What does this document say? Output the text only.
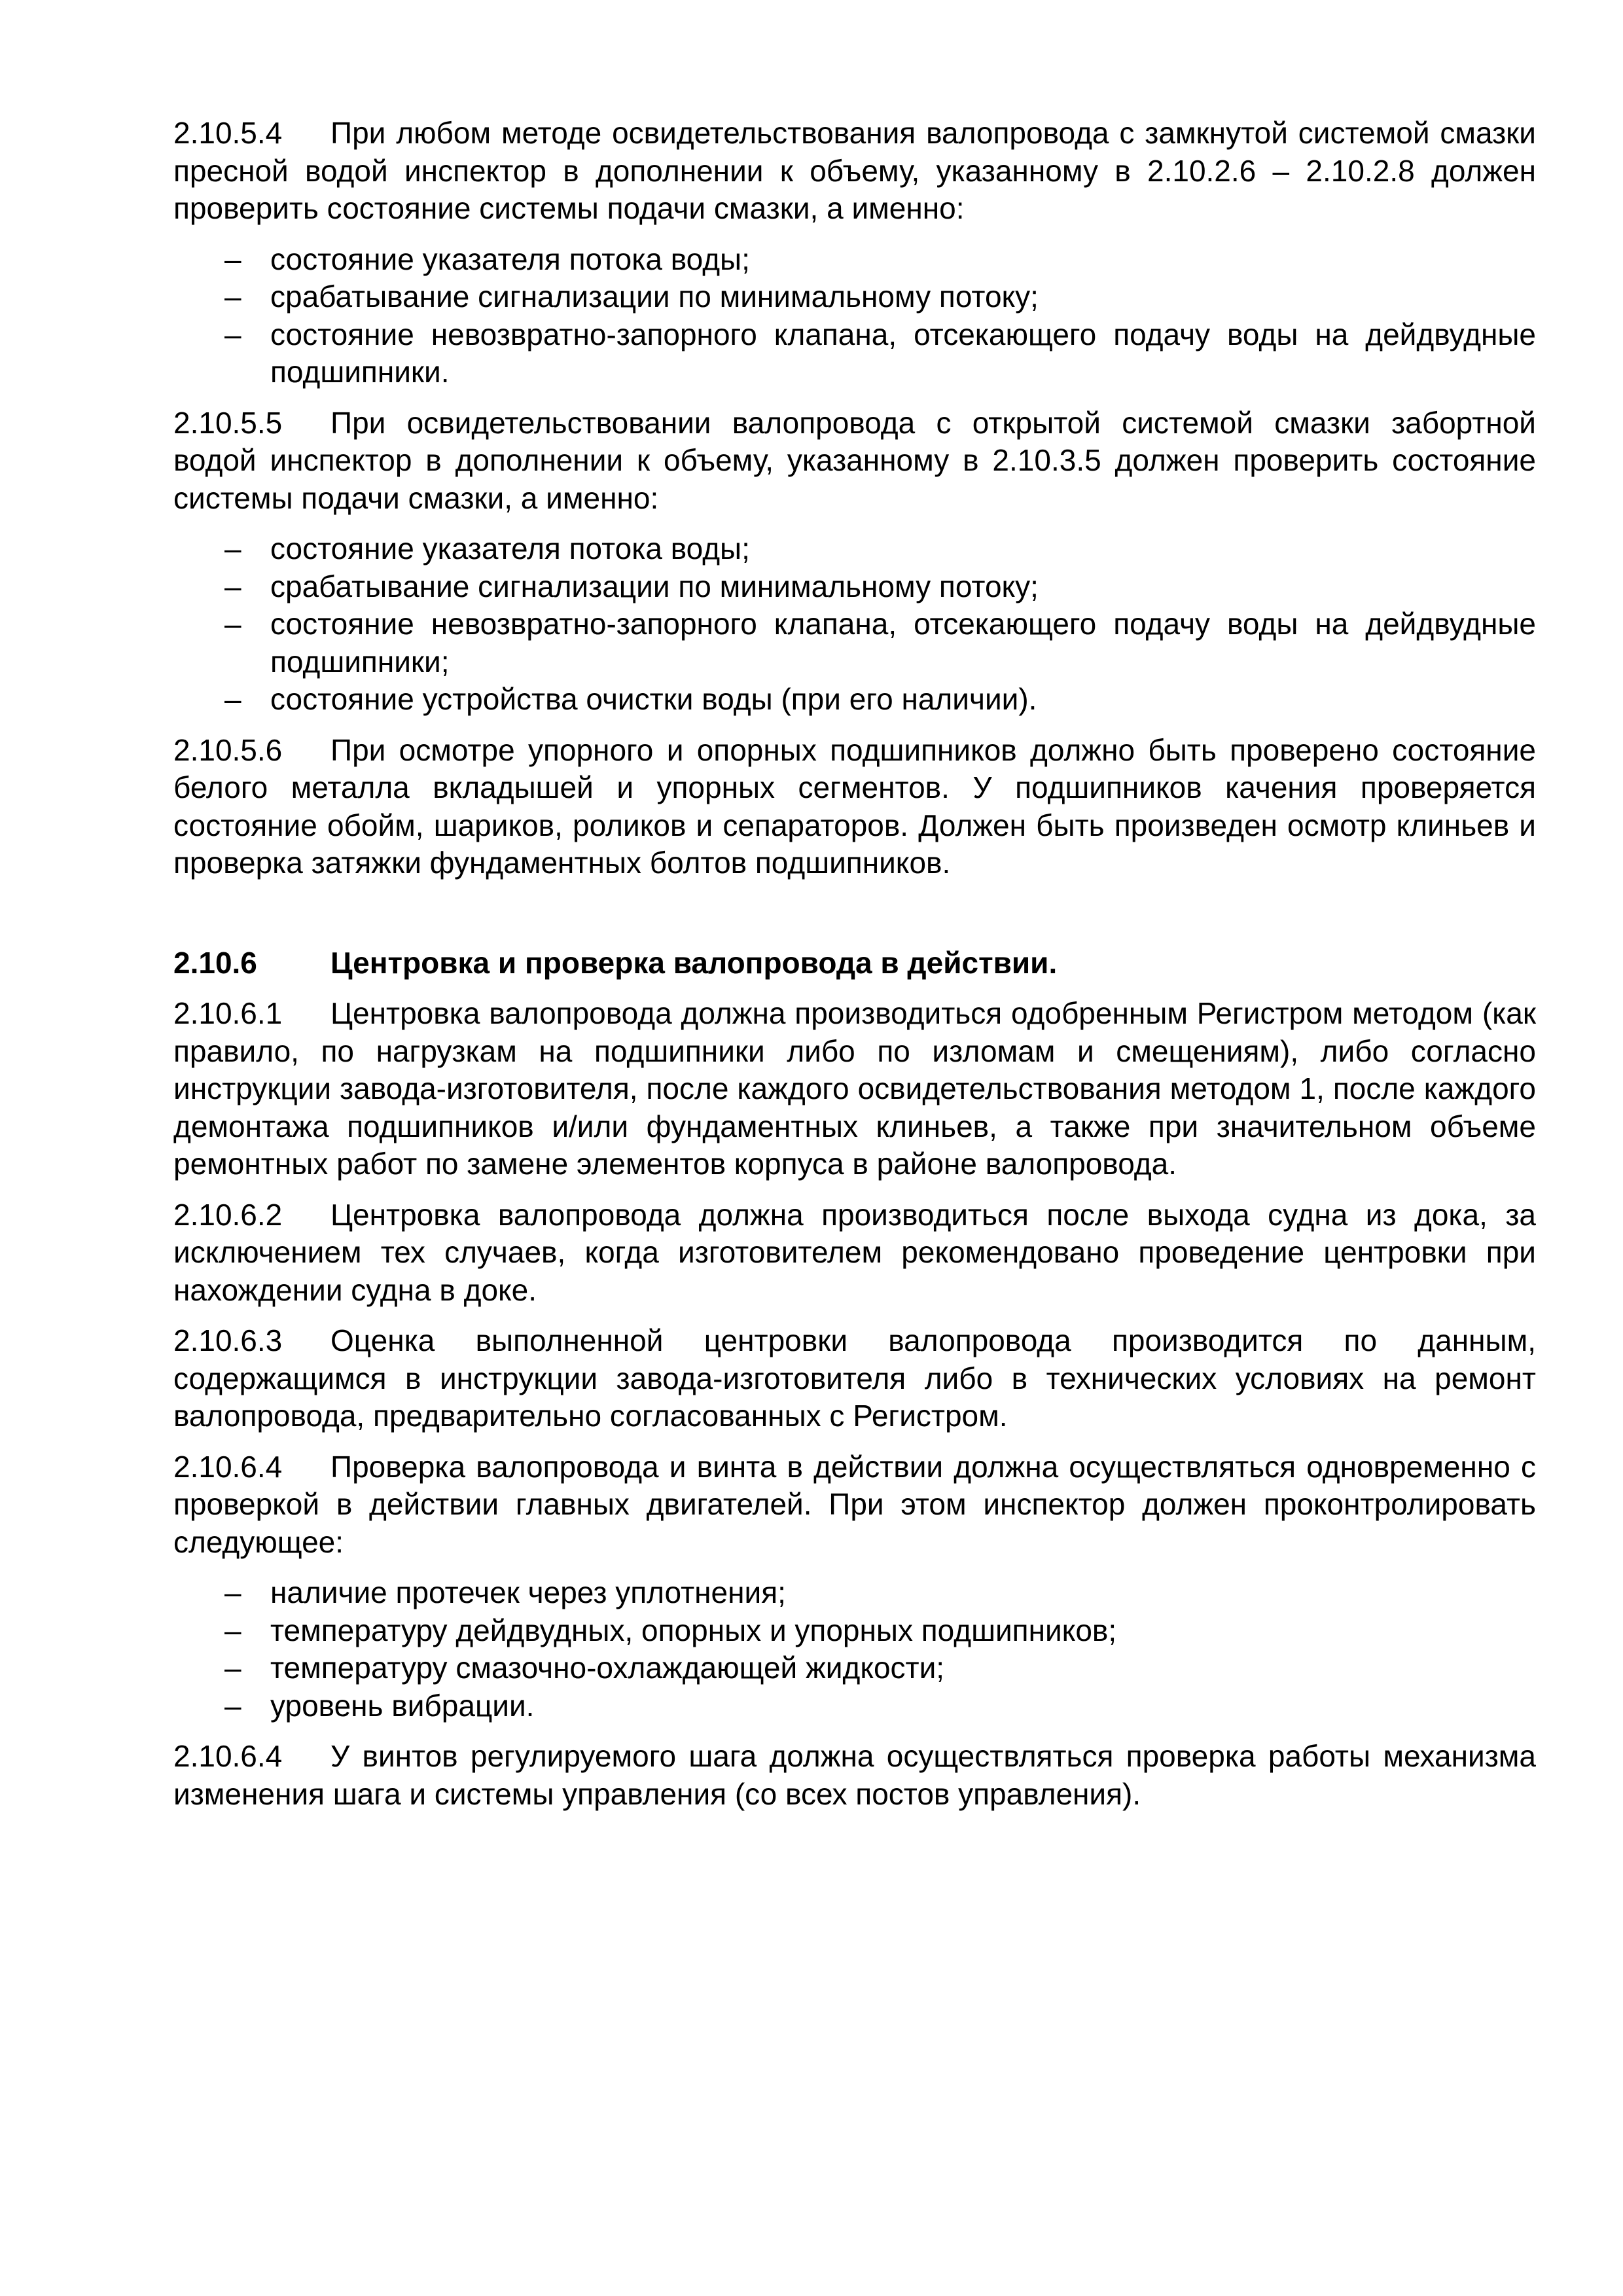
2.10.5.4 При любом методе освидетельствования валопровода с замкнутой системой смазки пресной водой инспектор в дополнении к объему, указанному в 2.10.2.6 – 2.10.2.8 должен проверить состояние системы подачи смазки, а именно:

– состояние указателя потока воды;
– срабатывание сигнализации по минимальному потоку;
– состояние невозвратно-запорного клапана, отсекающего подачу воды на дейдвудные подшипники.

2.10.5.5 При освидетельствовании валопровода с открытой системой смазки забортной водой инспектор в дополнении к объему, указанному в 2.10.3.5 должен проверить состояние системы подачи смазки, а именно:

– состояние указателя потока воды;
– срабатывание сигнализации по минимальному потоку;
– состояние невозвратно-запорного клапана, отсекающего подачу воды на дейдвудные подшипники;
– состояние устройства очистки воды (при его наличии).

2.10.5.6 При осмотре упорного и опорных подшипников должно быть проверено состояние белого металла вкладышей и упорных сегментов. У подшипников качения проверяется состояние обойм, шариков, роликов и сепараторов. Должен быть произведен осмотр клиньев и проверка затяжки фундаментных болтов подшипников.

2.10.6 Центровка и проверка валопровода в действии.

2.10.6.1 Центровка валопровода должна производиться одобренным Регистром методом (как правило, по нагрузкам на подшипники либо по изломам и смещениям), либо согласно инструкции завода-изготовителя, после каждого освидетельствования методом 1, после каждого демонтажа подшипников и/или фундаментных клиньев, а также при значительном объеме ремонтных работ по замене элементов корпуса в районе валопровода.

2.10.6.2 Центровка валопровода должна производиться после выхода судна из дока, за исключением тех случаев, когда изготовителем рекомендовано проведение центровки при нахождении судна в доке.

2.10.6.3 Оценка выполненной центровки валопровода производится по данным, содержащимся в инструкции завода-изготовителя либо в технических условиях на ремонт валопровода, предварительно согласованных с Регистром.

2.10.6.4 Проверка валопровода и винта в действии должна осуществляться одновременно с проверкой в действии главных двигателей. При этом инспектор должен проконтролировать следующее:

– наличие протечек через уплотнения;
– температуру дейдвудных, опорных и упорных подшипников;
– температуру смазочно-охлаждающей жидкости;
– уровень вибрации.

2.10.6.4 У винтов регулируемого шага должна осуществляться проверка работы механизма изменения шага и системы управления (со всех постов управления).
